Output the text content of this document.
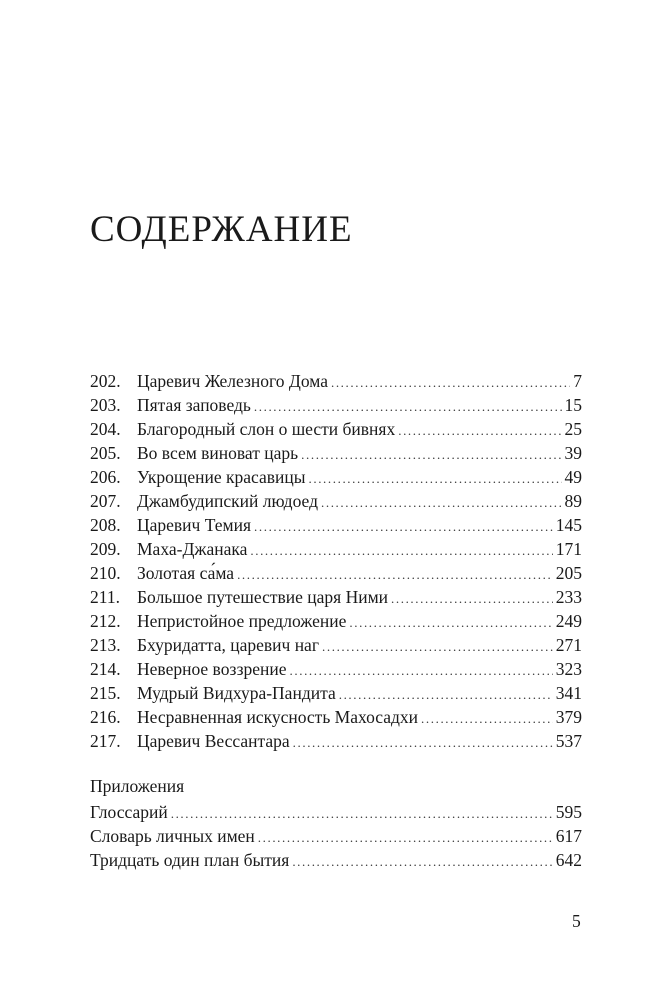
СОДЕРЖАНИЕ
202. Царевич Железного Дома .....	7
203. Пятая заповедь .....	15
204. Благородный слон о шести бивнях .....	25
205. Во всем виноват царь .....	39
206. Укрощение красавицы .....	49
207. Джамбудипский людоед .....	89
208. Царевич Темия .....	145
209. Маха-Джанака .....	171
210. Золотая са́ма .....	205
211. Большое путешествие царя Ними .....	233
212. Непристойное предложение .....	249
213. Бхуридатта, царевич наг .....	271
214. Неверное воззрение .....	323
215. Мудрый Видхура-Пандита .....	341
216. Несравненная искусность Махосадхи .....	379
217. Царевич Вессантара .....	537
Приложения
Глоссарий .....	595
Словарь личных имен .....	617
Тридцать один план бытия .....	642
5
